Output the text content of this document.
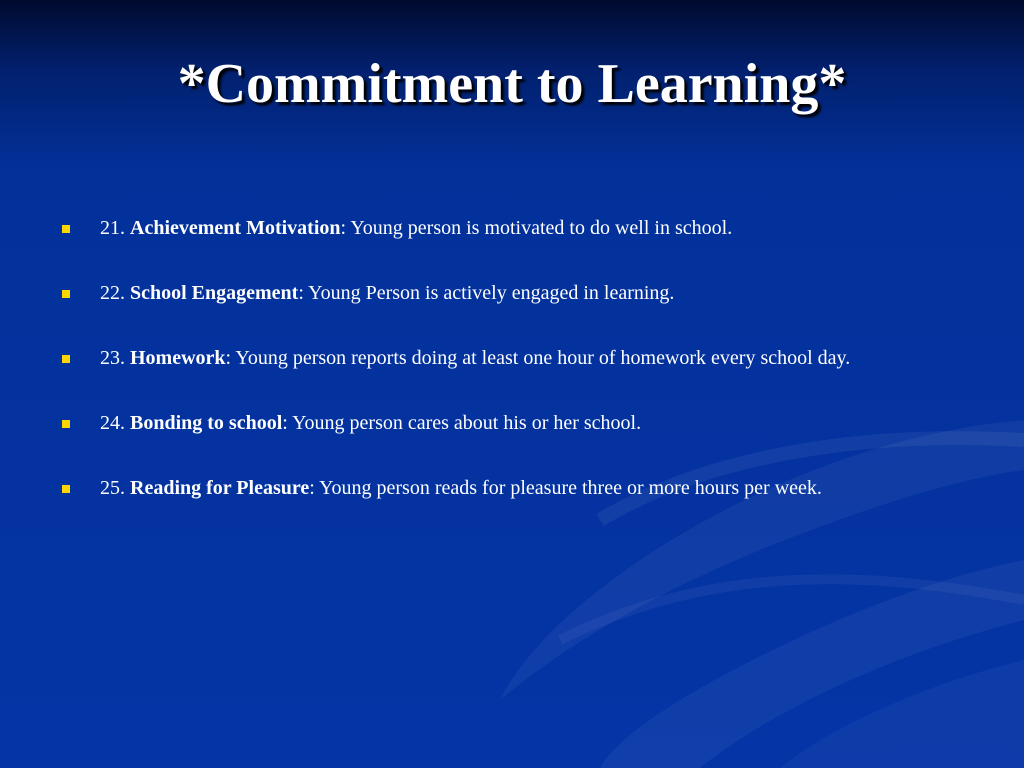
*Commitment to Learning*
21. Achievement Motivation: Young person is motivated to do well in school.
22. School Engagement: Young Person is actively engaged in learning.
23. Homework: Young person reports doing at least one hour of homework every school day.
24. Bonding to school: Young person cares about his or her school.
25. Reading for Pleasure: Young person reads for pleasure three or more hours per week.
